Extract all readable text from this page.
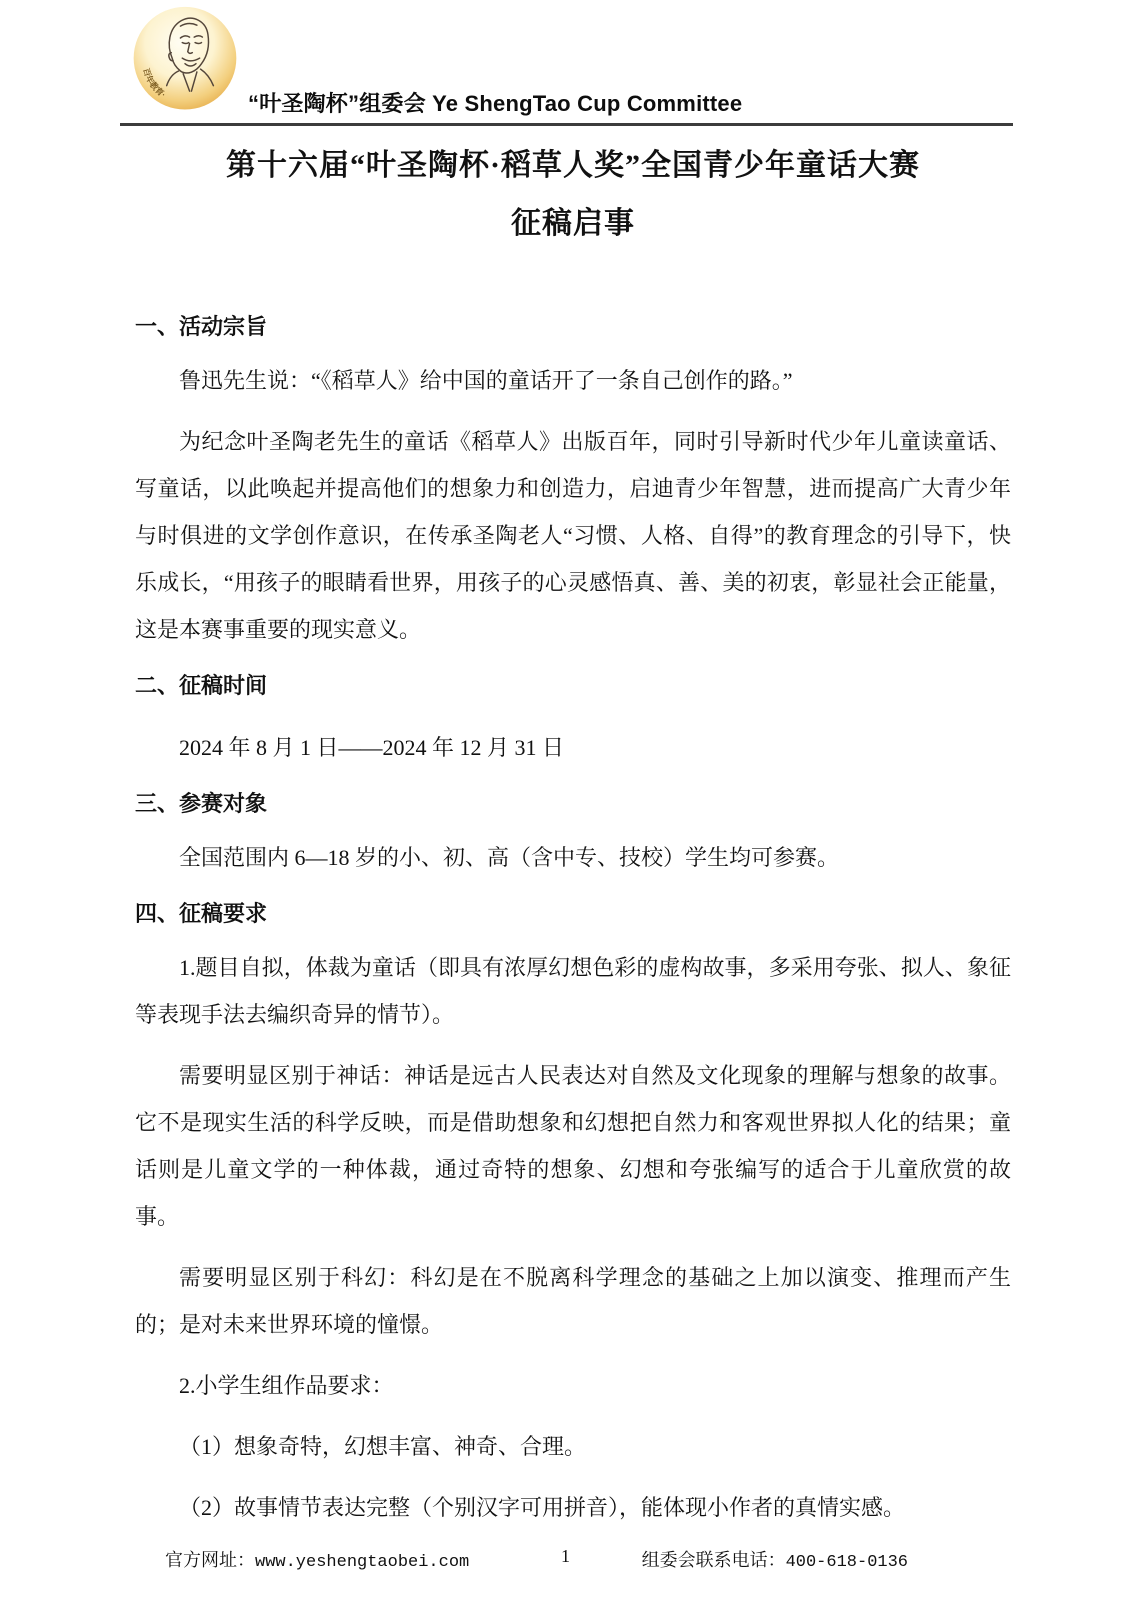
百年教育·	“叶圣陶杯”组委会 Ye ShengTao Cup Committee
第十六届“叶圣陶杯·稻草人奖”全国青少年童话大赛
征稿启事
一、活动宗旨

鲁迅先生说：“《稻草人》给中国的童话开了一条自己创作的路。”

为纪念叶圣陶老先生的童话《稻草人》出版百年，同时引导新时代少年儿童读童话、写童话，以此唤起并提高他们的想象力和创造力，启迪青少年智慧，进而提高广大青少年与时俱进的文学创作意识，在传承圣陶老人“习惯、人格、自得”的教育理念的引导下，快乐成长，“用孩子的眼睛看世界，用孩子的心灵感悟真、善、美的初衷，彰显社会正能量，这是本赛事重要的现实意义。

二、征稿时间

2024 年 8 月 1 日——2024 年 12 月 31 日

三、参赛对象

全国范围内 6—18 岁的小、初、高（含中专、技校）学生均可参赛。

四、征稿要求

1.题目自拟，体裁为童话（即具有浓厚幻想色彩的虚构故事，多采用夸张、拟人、象征等表现手法去编织奇异的情节）。

需要明显区别于神话：神话是远古人民表达对自然及文化现象的理解与想象的故事。它不是现实生活的科学反映，而是借助想象和幻想把自然力和客观世界拟人化的结果；童话则是儿童文学的一种体裁，通过奇特的想象、幻想和夸张编写的适合于儿童欣赏的故事。

需要明显区别于科幻：科幻是在不脱离科学理念的基础之上加以演变、推理而产生的；是对未来世界环境的憧憬。

2.小学生组作品要求：

（1）想象奇特，幻想丰富、神奇、合理。

（2）故事情节表达完整（个别汉字可用拼音），能体现小作者的真情实感。

官方网址：www.yeshengtaobei.com	1	组委会联系电话：400-618-0136
